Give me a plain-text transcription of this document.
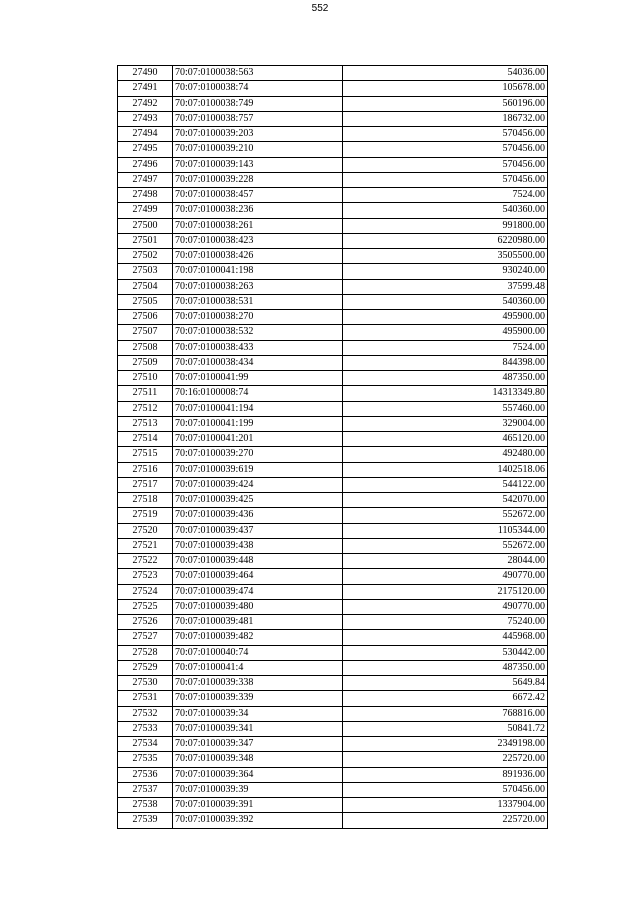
552
27490	70:07:0100038:563	54036.00
27491	70:07:0100038:74	105678.00
27492	70:07:0100038:749	560196.00
27493	70:07:0100038:757	186732.00
27494	70:07:0100039:203	570456.00
27495	70:07:0100039:210	570456.00
27496	70:07:0100039:143	570456.00
27497	70:07:0100039:228	570456.00
27498	70:07:0100038:457	7524.00
27499	70:07:0100038:236	540360.00
27500	70:07:0100038:261	991800.00
27501	70:07:0100038:423	6220980.00
27502	70:07:0100038:426	3505500.00
27503	70:07:0100041:198	930240.00
27504	70:07:0100038:263	37599.48
27505	70:07:0100038:531	540360.00
27506	70:07:0100038:270	495900.00
27507	70:07:0100038:532	495900.00
27508	70:07:0100038:433	7524.00
27509	70:07:0100038:434	844398.00
27510	70:07:0100041:99	487350.00
27511	70:16:0100008:74	14313349.80
27512	70:07:0100041:194	557460.00
27513	70:07:0100041:199	329004.00
27514	70:07:0100041:201	465120.00
27515	70:07:0100039:270	492480.00
27516	70:07:0100039:619	1402518.06
27517	70:07:0100039:424	544122.00
27518	70:07:0100039:425	542070.00
27519	70:07:0100039:436	552672.00
27520	70:07:0100039:437	1105344.00
27521	70:07:0100039:438	552672.00
27522	70:07:0100039:448	28044.00
27523	70:07:0100039:464	490770.00
27524	70:07:0100039:474	2175120.00
27525	70:07:0100039:480	490770.00
27526	70:07:0100039:481	75240.00
27527	70:07:0100039:482	445968.00
27528	70:07:0100040:74	530442.00
27529	70:07:0100041:4	487350.00
27530	70:07:0100039:338	5649.84
27531	70:07:0100039:339	6672.42
27532	70:07:0100039:34	768816.00
27533	70:07:0100039:341	50841.72
27534	70:07:0100039:347	2349198.00
27535	70:07:0100039:348	225720.00
27536	70:07:0100039:364	891936.00
27537	70:07:0100039:39	570456.00
27538	70:07:0100039:391	1337904.00
27539	70:07:0100039:392	225720.00
